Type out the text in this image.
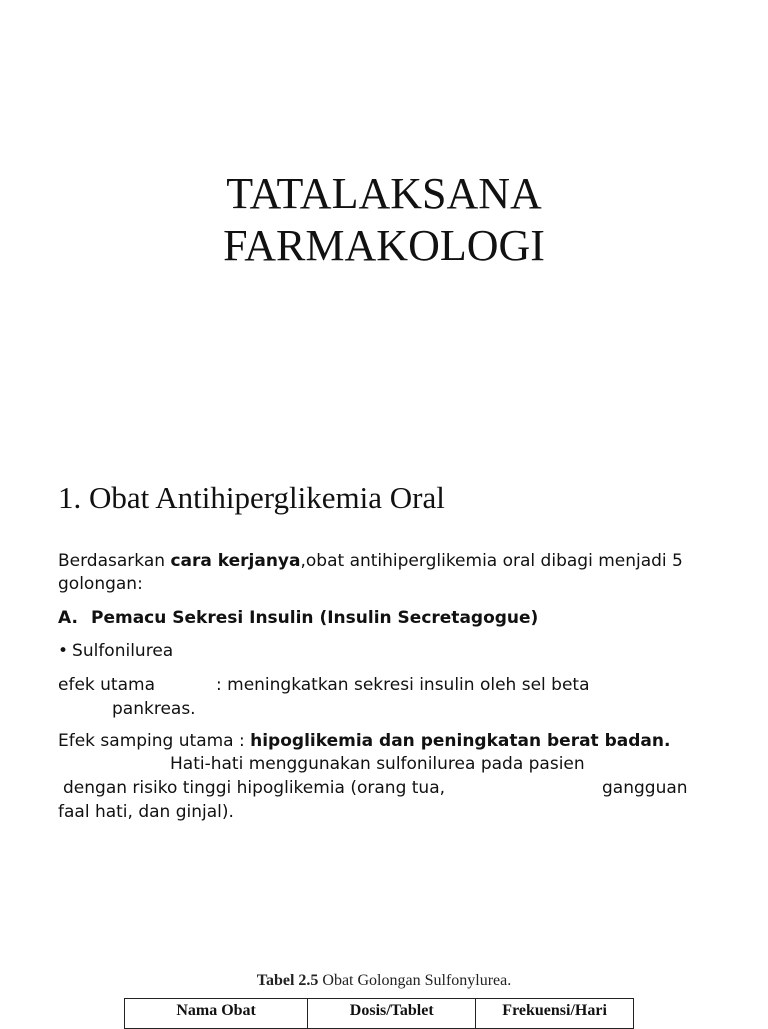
TATALAKSANA
FARMAKOLOGI
1. Obat Antihiperglikemia Oral
Berdasarkan cara kerjanya,obat antihiperglikemia oral dibagi menjadi 5
golongan:
A. Pemacu Sekresi Insulin (Insulin Secretagogue)
• Sulfonilurea
efek utama	: meningkatkan sekresi insulin oleh sel beta
pankreas.
Efek samping utama : hipoglikemia dan peningkatan berat badan.
Hati-hati menggunakan sulfonilurea pada pasien
dengan risiko tinggi hipoglikemia (orang tua,	gangguan
faal hati, dan ginjal).
Tabel 2.5 Obat Golongan Sulfonylurea.
Nama Obat	Dosis/Tablet	Frekuensi/Hari
